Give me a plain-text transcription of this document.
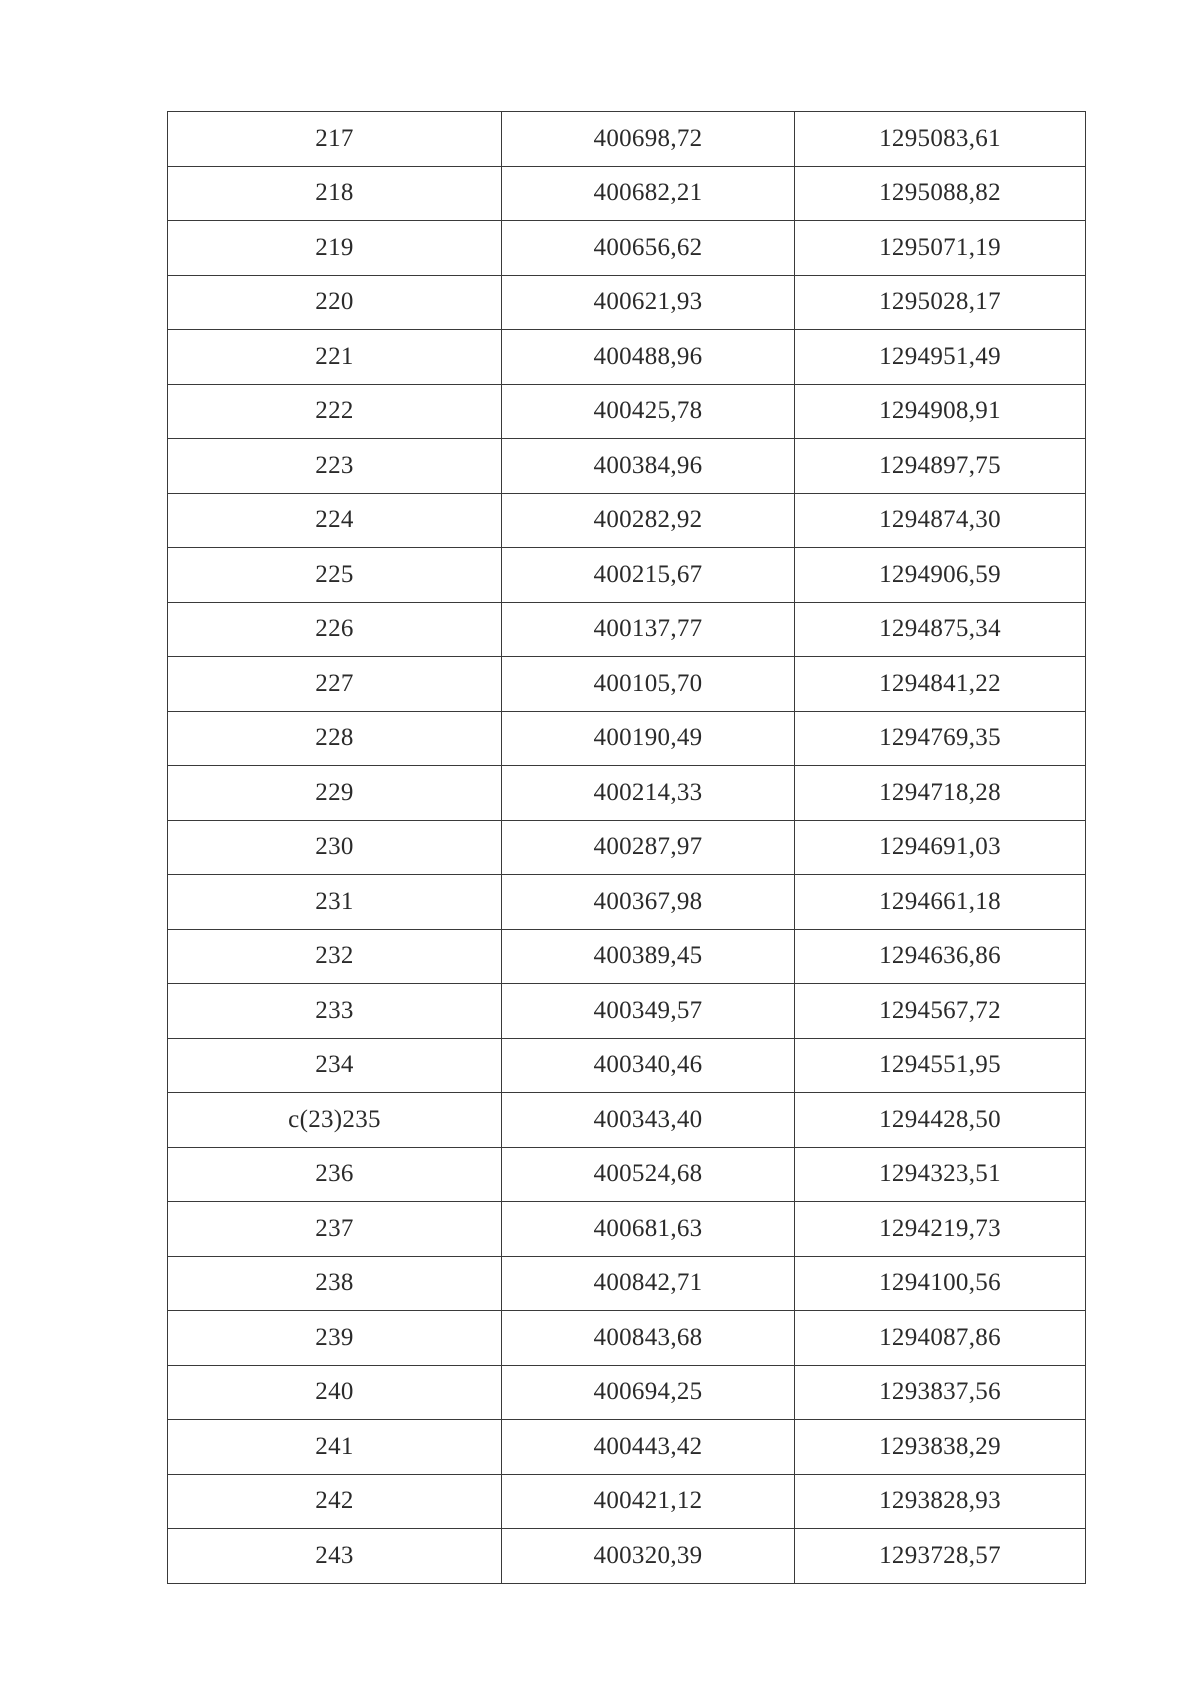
217	400698,72	1295083,61
218	400682,21	1295088,82
219	400656,62	1295071,19
220	400621,93	1295028,17
221	400488,96	1294951,49
222	400425,78	1294908,91
223	400384,96	1294897,75
224	400282,92	1294874,30
225	400215,67	1294906,59
226	400137,77	1294875,34
227	400105,70	1294841,22
228	400190,49	1294769,35
229	400214,33	1294718,28
230	400287,97	1294691,03
231	400367,98	1294661,18
232	400389,45	1294636,86
233	400349,57	1294567,72
234	400340,46	1294551,95
c(23)235	400343,40	1294428,50
236	400524,68	1294323,51
237	400681,63	1294219,73
238	400842,71	1294100,56
239	400843,68	1294087,86
240	400694,25	1293837,56
241	400443,42	1293838,29
242	400421,12	1293828,93
243	400320,39	1293728,57
